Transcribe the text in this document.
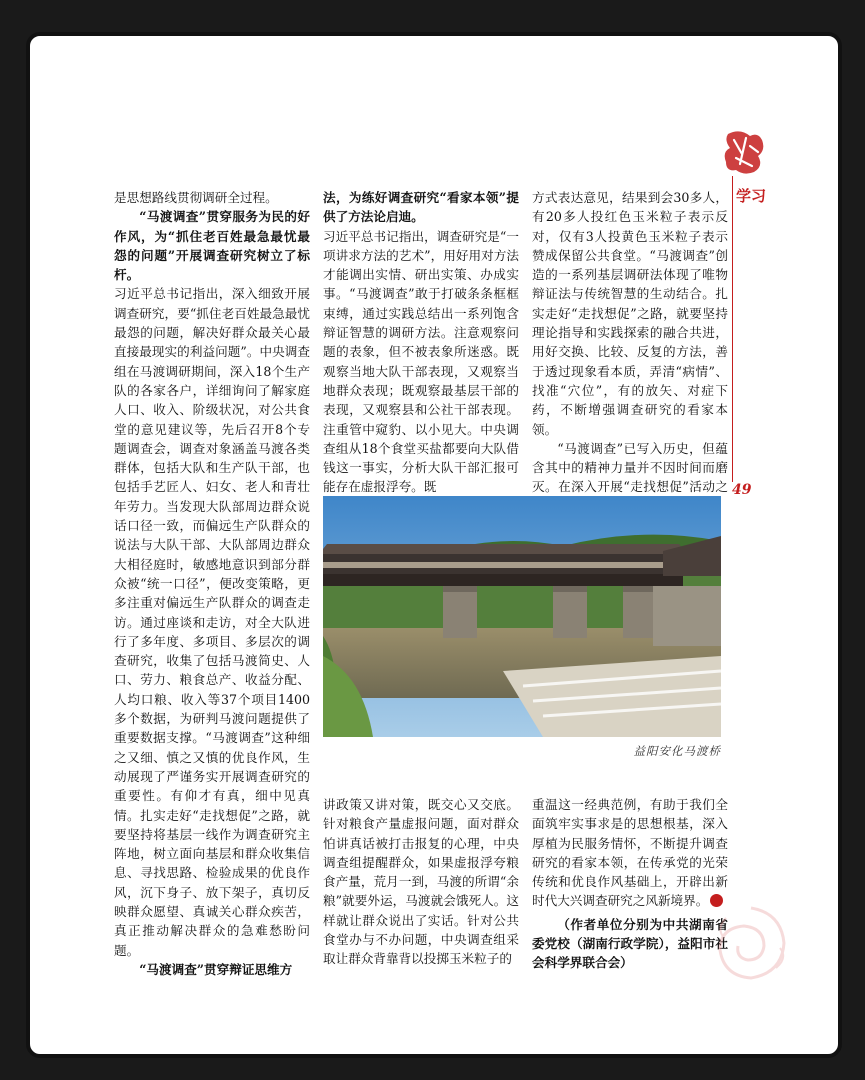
学习
49

是思想路线贯彻调研全过程。

“马渡调查”贯穿服务为民的好作风，为“抓住老百姓最急最忧最怨的问题”开展调查研究树立了标杆。

习近平总书记指出，深入细致开展调查研究，要“抓住老百姓最急最忧最怨的问题，解决好群众最关心最直接最现实的利益问题”。中央调查组在马渡调研期间，深入18个生产队的各家各户，详细询问了解家庭人口、收入、阶级状况，对公共食堂的意见建议等，先后召开8个专题调查会，调查对象涵盖马渡各类群体，包括大队和生产队干部，也包括手艺匠人、妇女、老人和青壮年劳力。当发现大队部周边群众说话口径一致，而偏远生产队群众的说法与大队干部、大队部周边群众大相径庭时，敏感地意识到部分群众被“统一口径”，便改变策略，更多注重对偏远生产队群众的调查走访。通过座谈和走访，对全大队进行了多年度、多项目、多层次的调查研究，收集了包括马渡简史、人口、劳力、粮食总产、收益分配、人均口粮、收入等37个项目1400多个数据，为研判马渡问题提供了重要数据支撑。“马渡调查”这种细之又细、慎之又慎的优良作风，生动展现了严谨务实开展调查研究的重要性。有仰才有真，细中见真情。扎实走好“走找想促”之路，就要坚持将基层一线作为调查研究主阵地，树立面向基层和群众收集信息、寻找思路、检验成果的优良作风，沉下身子、放下架子，真切反映群众愿望、真诚关心群众疾苦，真正推动解决群众的急难愁盼问题。

“马渡调查”贯穿辩证思维方

法，为练好调查研究“看家本领”提供了方法论启迪。

习近平总书记指出，调查研究是“一项讲求方法的艺术”，用好用对方法才能调出实情、研出实策、办成实事。“马渡调查”敢于打破条条框框束缚，通过实践总结出一系列饱含辩证智慧的调研方法。注意观察问题的表象，但不被表象所迷惑。既观察当地大队干部表现，又观察当地群众表现；既观察最基层干部的表现，又观察县和公社干部表现。注重管中窥豹、以小见大。中央调查组从18个食堂买盐都要向大队借钱这一事实，分析大队干部汇报可能存在虚报浮夸。既

方式表达意见，结果到会30多人，有20多人投红色玉米粒子表示反对，仅有3人投黄色玉米粒子表示赞成保留公共食堂。“马渡调查”创造的一系列基层调研法体现了唯物辩证法与传统智慧的生动结合。扎实走好“走找想促”之路，就要坚持理论指导和实践探索的融合共进，用好交换、比较、反复的方法，善于透过现象看本质，弄清“病情”、找准“穴位”，有的放矢、对症下药，不断增强调查研究的看家本领。

“马渡调查”已写入历史，但蕴含其中的精神力量并不因时间而磨灭。在深入开展“走找想促”活动之

益阳安化马渡桥

讲政策又讲对策，既交心又交底。针对粮食产量虚报问题，面对群众怕讲真话被打击报复的心理，中央调查组提醒群众，如果虚报浮夸粮食产量，荒月一到，马渡的所谓“余粮”就要外运，马渡就会饿死人。这样就让群众说出了实话。针对公共食堂办与不办问题，中央调查组采取让群众背靠背以投掷玉米粒子的

重温这一经典范例，有助于我们全面筑牢实事求是的思想根基，深入厚植为民服务情怀，不断提升调查研究的看家本领，在传承党的光荣传统和优良作风基础上，开辟出新时代大兴调查研究之风新境界。

（作者单位分别为中共湖南省委党校（湖南行政学院），益阳市社会科学界联合会）
